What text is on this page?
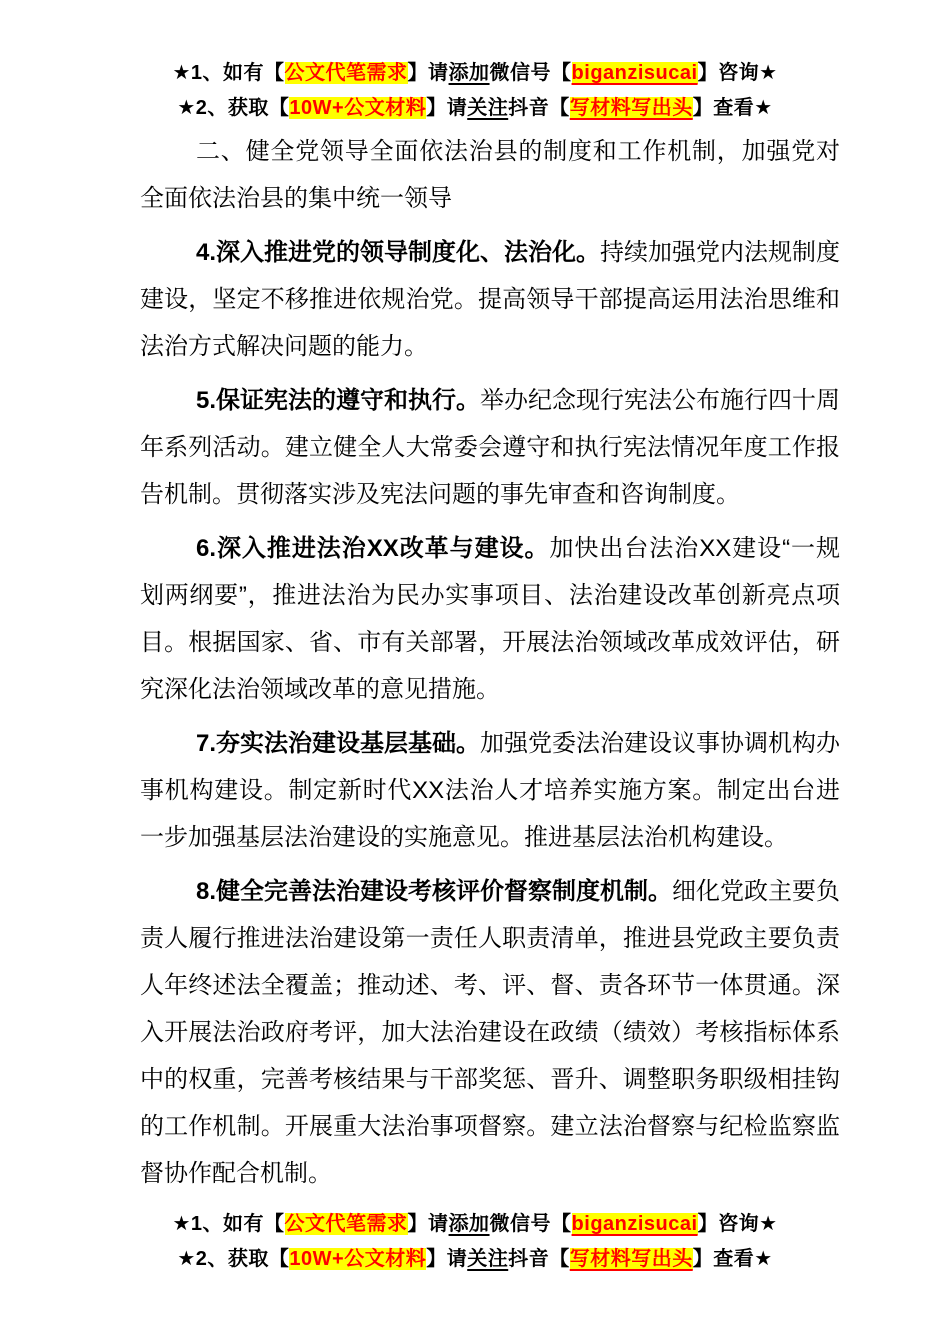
★1、如有【公文代笔需求】请添加微信号【biganzisucai】咨询★
★2、获取【10W+公文材料】请关注抖音【写材料写出头】查看★

二、健全党领导全面依法治县的制度和工作机制，加强党对全面依法治县的集中统一领导

4.深入推进党的领导制度化、法治化。持续加强党内法规制度建设，坚定不移推进依规治党。提高领导干部提高运用法治思维和法治方式解决问题的能力。

5.保证宪法的遵守和执行。举办纪念现行宪法公布施行四十周年系列活动。建立健全人大常委会遵守和执行宪法情况年度工作报告机制。贯彻落实涉及宪法问题的事先审查和咨询制度。

6.深入推进法治XX改革与建设。加快出台法治XX建设“一规划两纲要”，推进法治为民办实事项目、法治建设改革创新亮点项目。根据国家、省、市有关部署，开展法治领域改革成效评估，研究深化法治领域改革的意见措施。

7.夯实法治建设基层基础。加强党委法治建设议事协调机构办事机构建设。制定新时代XX法治人才培养实施方案。制定出台进一步加强基层法治建设的实施意见。推进基层法治机构建设。

8.健全完善法治建设考核评价督察制度机制。细化党政主要负责人履行推进法治建设第一责任人职责清单，推进县党政主要负责人年终述法全覆盖；推动述、考、评、督、责各环节一体贯通。深入开展法治政府考评，加大法治建设在政绩（绩效）考核指标体系中的权重，完善考核结果与干部奖惩、晋升、调整职务职级相挂钩的工作机制。开展重大法治事项督察。建立法治督察与纪检监察监督协作配合机制。

★1、如有【公文代笔需求】请添加微信号【biganzisucai】咨询★
★2、获取【10W+公文材料】请关注抖音【写材料写出头】查看★
